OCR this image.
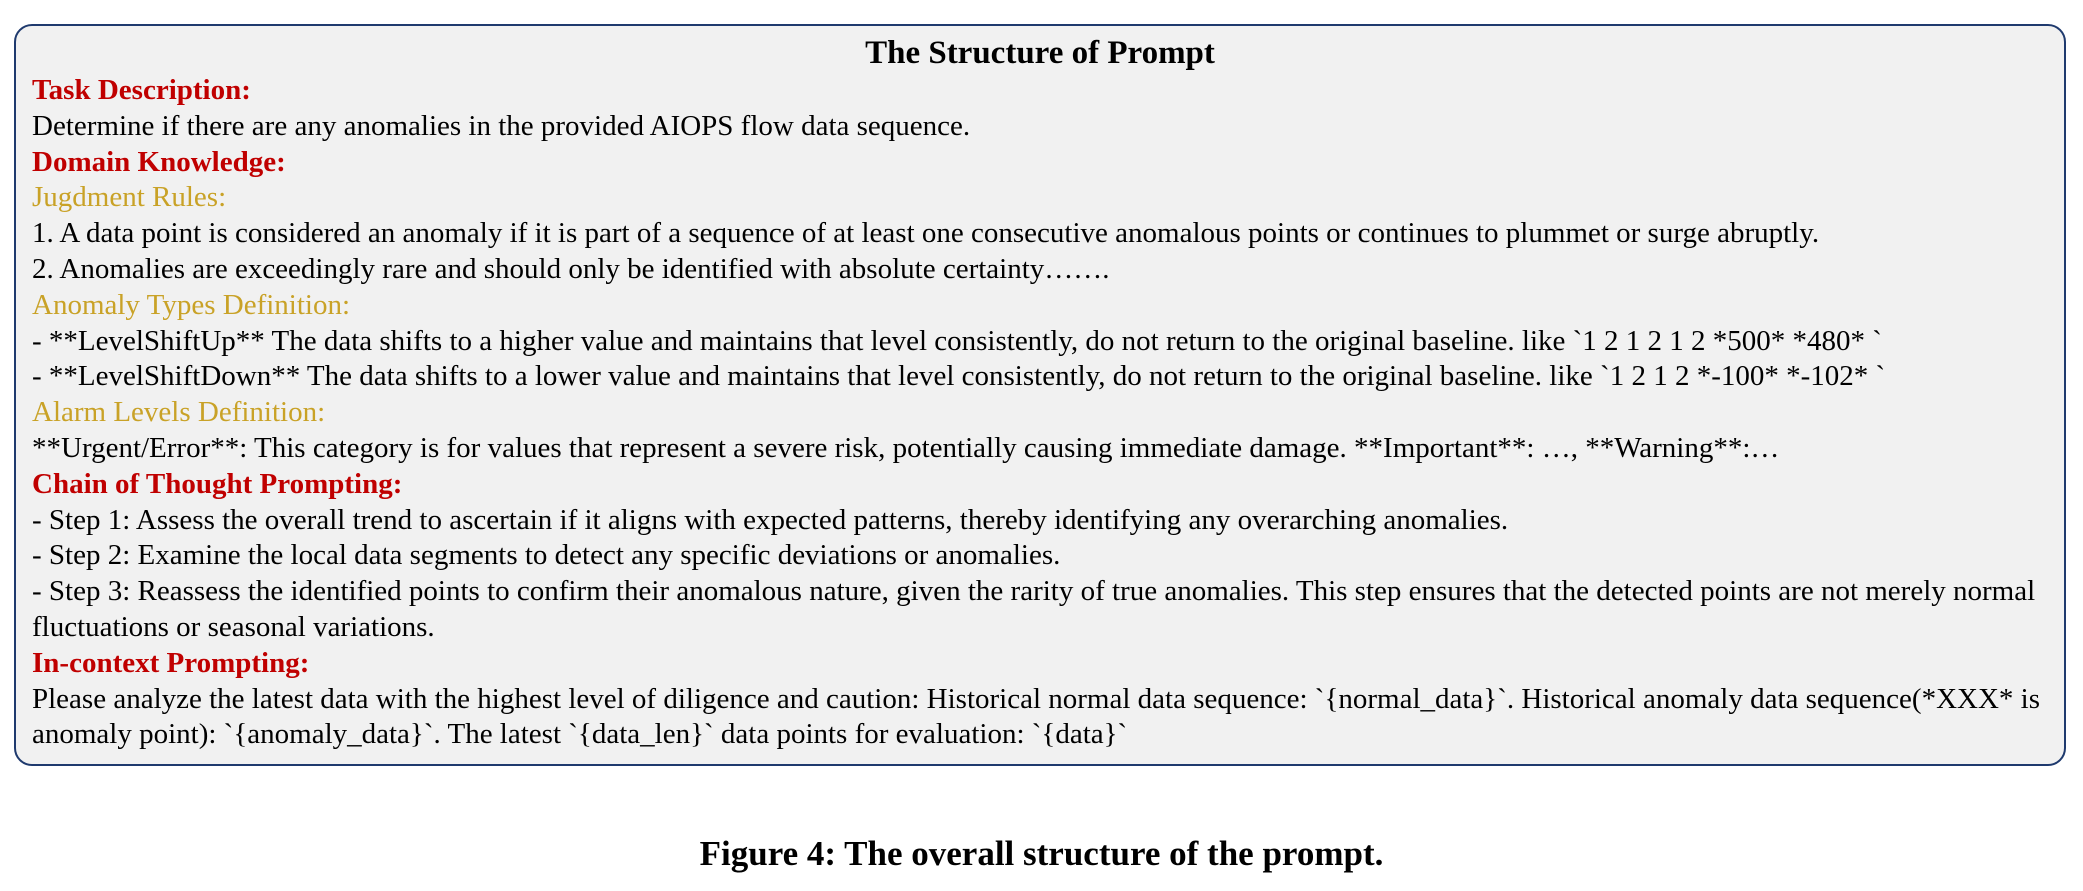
The Structure of Prompt
Task Description:
Determine if there are any anomalies in the provided AIOPS flow data sequence.
Domain Knowledge:
Jugdment Rules:
1. A data point is considered an anomaly if it is part of a sequence of at least one consecutive anomalous points or continues to plummet or surge abruptly.
2. Anomalies are exceedingly rare and should only be identified with absolute certainty…….
Anomaly Types Definition:
- **LevelShiftUp** The data shifts to a higher value and maintains that level consistently, do not return to the original baseline. like `1 2 1 2 1 2 *500* *480* `
- **LevelShiftDown** The data shifts to a lower value and maintains that level consistently, do not return to the original baseline. like `1 2 1 2 *-100* *-102* `
Alarm Levels Definition:
**Urgent/Error**: This category is for values that represent a severe risk, potentially causing immediate damage. **Important**: …, **Warning**:…
Chain of Thought Prompting:
- Step 1: Assess the overall trend to ascertain if it aligns with expected patterns, thereby identifying any overarching anomalies.
- Step 2: Examine the local data segments to detect any specific deviations or anomalies.
- Step 3: Reassess the identified points to confirm their anomalous nature, given the rarity of true anomalies. This step ensures that the detected points are not merely normal fluctuations or seasonal variations.
In-context Prompting:
Please analyze the latest data with the highest level of diligence and caution: Historical normal data sequence: `{normal_data}`. Historical anomaly data sequence(*XXX* is anomaly point): `{anomaly_data}`. The latest `{data_len}` data points for evaluation: `{data}`
Figure 4: The overall structure of the prompt.
